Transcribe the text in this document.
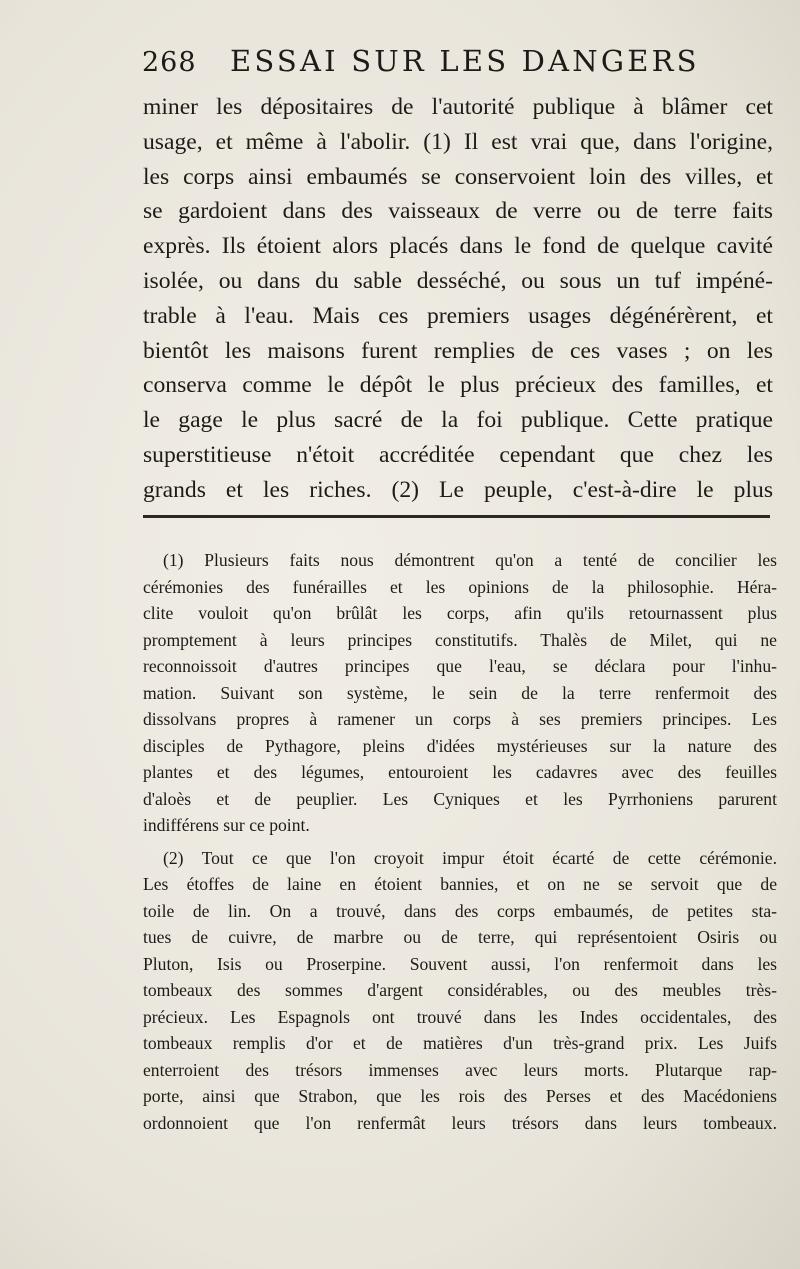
268	ESSAI SUR LES DANGERS
miner les dépositaires de l'autorité publique à blâmer cet
usage, et même à l'abolir. (1) Il est vrai que, dans l'origine,
les corps ainsi embaumés se conservoient loin des villes, et
se gardoient dans des vaisseaux de verre ou de terre faits
exprès. Ils étoient alors placés dans le fond de quelque cavité
isolée, ou dans du sable desséché, ou sous un tuf impéné-
trable à l'eau. Mais ces premiers usages dégénérèrent, et
bientôt les maisons furent remplies de ces vases ; on les
conserva comme le dépôt le plus précieux des familles, et
le gage le plus sacré de la foi publique. Cette pratique
superstitieuse n'étoit accréditée cependant que chez les
grands et les riches. (2) Le peuple, c'est-à-dire le plus
(1) Plusieurs faits nous démontrent qu'on a tenté de concilier les
cérémonies des funérailles et les opinions de la philosophie. Héra-
clite vouloit qu'on brûlât les corps, afin qu'ils retournassent plus
promptement à leurs principes constitutifs. Thalès de Milet, qui ne
reconnoissoit d'autres principes que l'eau, se déclara pour l'inhu-
mation. Suivant son système, le sein de la terre renfermoit des
dissolvans propres à ramener un corps à ses premiers principes. Les
disciples de Pythagore, pleins d'idées mystérieuses sur la nature des
plantes et des légumes, entouroient les cadavres avec des feuilles
d'aloès et de peuplier. Les Cyniques et les Pyrrhoniens parurent
indifférens sur ce point.
(2) Tout ce que l'on croyoit impur étoit écarté de cette cérémonie.
Les étoffes de laine en étoient bannies, et on ne se servoit que de
toile de lin. On a trouvé, dans des corps embaumés, de petites sta-
tues de cuivre, de marbre ou de terre, qui représentoient Osiris ou
Pluton, Isis ou Proserpine. Souvent aussi, l'on renfermoit dans les
tombeaux des sommes d'argent considérables, ou des meubles très-
précieux. Les Espagnols ont trouvé dans les Indes occidentales, des
tombeaux remplis d'or et de matières d'un très-grand prix. Les Juifs
enterroient des trésors immenses avec leurs morts. Plutarque rap-
porte, ainsi que Strabon, que les rois des Perses et des Macédoniens
ordonnoient que l'on renfermât leurs trésors dans leurs tombeaux.
